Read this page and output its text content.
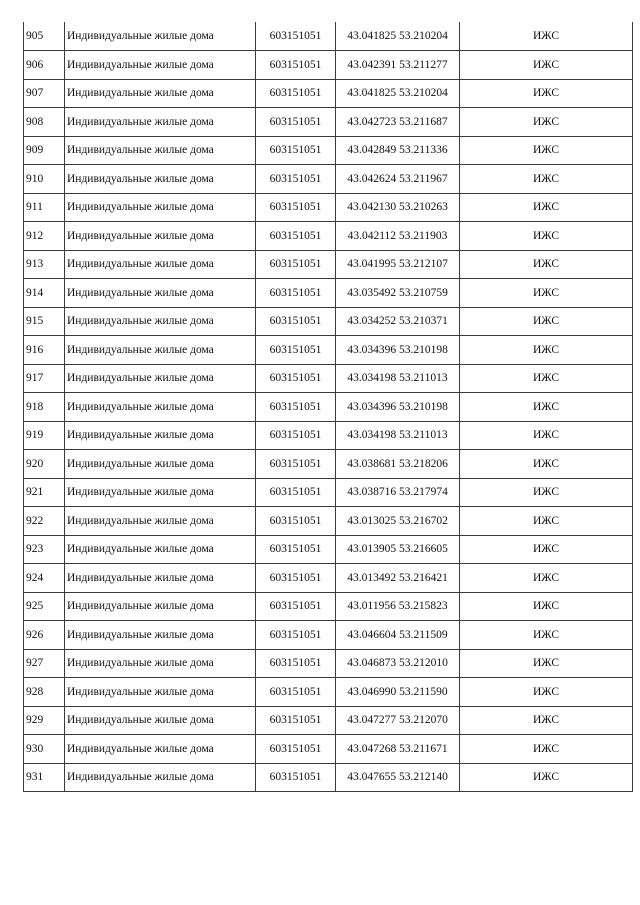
905	Индивидуальные жилые дома	603151051	43.041825 53.210204	ИЖС
906	Индивидуальные жилые дома	603151051	43.042391 53.211277	ИЖС
907	Индивидуальные жилые дома	603151051	43.041825 53.210204	ИЖС
908	Индивидуальные жилые дома	603151051	43.042723 53.211687	ИЖС
909	Индивидуальные жилые дома	603151051	43.042849 53.211336	ИЖС
910	Индивидуальные жилые дома	603151051	43.042624 53.211967	ИЖС
911	Индивидуальные жилые дома	603151051	43.042130 53.210263	ИЖС
912	Индивидуальные жилые дома	603151051	43.042112 53.211903	ИЖС
913	Индивидуальные жилые дома	603151051	43.041995 53.212107	ИЖС
914	Индивидуальные жилые дома	603151051	43.035492 53.210759	ИЖС
915	Индивидуальные жилые дома	603151051	43.034252 53.210371	ИЖС
916	Индивидуальные жилые дома	603151051	43.034396 53.210198	ИЖС
917	Индивидуальные жилые дома	603151051	43.034198 53.211013	ИЖС
918	Индивидуальные жилые дома	603151051	43.034396 53.210198	ИЖС
919	Индивидуальные жилые дома	603151051	43.034198 53.211013	ИЖС
920	Индивидуальные жилые дома	603151051	43.038681 53.218206	ИЖС
921	Индивидуальные жилые дома	603151051	43.038716 53.217974	ИЖС
922	Индивидуальные жилые дома	603151051	43.013025 53.216702	ИЖС
923	Индивидуальные жилые дома	603151051	43.013905 53.216605	ИЖС
924	Индивидуальные жилые дома	603151051	43.013492 53.216421	ИЖС
925	Индивидуальные жилые дома	603151051	43.011956 53.215823	ИЖС
926	Индивидуальные жилые дома	603151051	43.046604 53.211509	ИЖС
927	Индивидуальные жилые дома	603151051	43.046873 53.212010	ИЖС
928	Индивидуальные жилые дома	603151051	43.046990 53.211590	ИЖС
929	Индивидуальные жилые дома	603151051	43.047277 53.212070	ИЖС
930	Индивидуальные жилые дома	603151051	43.047268 53.211671	ИЖС
931	Индивидуальные жилые дома	603151051	43.047655 53.212140	ИЖС
